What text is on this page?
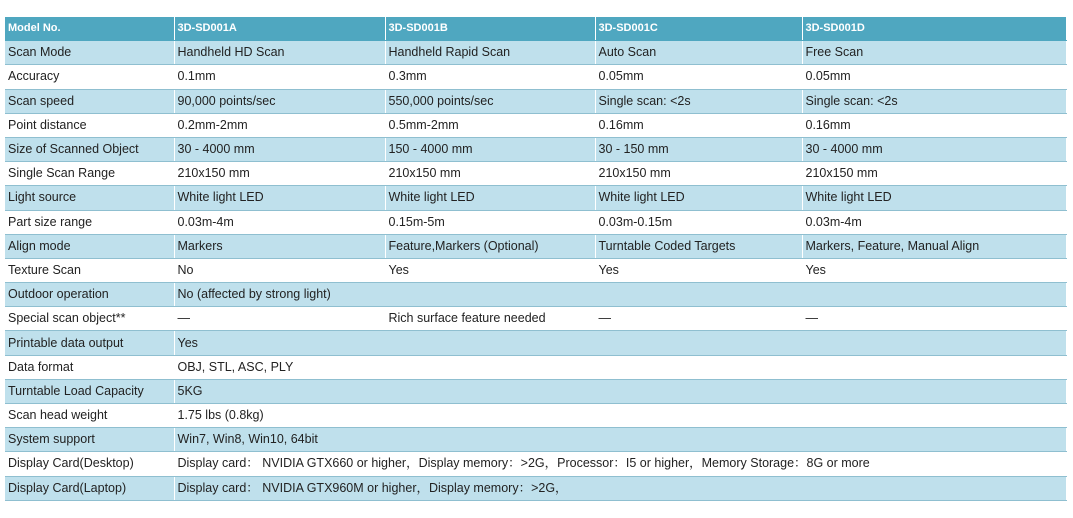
Model No.	3D-SD001A	3D-SD001B	3D-SD001C	3D-SD001D
Scan Mode	Handheld HD Scan	Handheld Rapid Scan	Auto Scan	Free Scan
Accuracy	0.1mm	0.3mm	0.05mm	0.05mm
Scan speed	90,000 points/sec	550,000 points/sec	Single scan: <2s	Single scan: <2s
Point distance	0.2mm-2mm	0.5mm-2mm	0.16mm	0.16mm
Size of Scanned Object	30 - 4000 mm	150 - 4000 mm	30 - 150 mm	30 - 4000 mm
Single Scan Range	210x150 mm	210x150 mm	210x150 mm	210x150 mm
Light source	White light LED	White light LED	White light LED	White light LED
Part size range	0.03m-4m	0.15m-5m	0.03m-0.15m	0.03m-4m
Align mode	Markers	Feature,Markers (Optional)	Turntable Coded Targets	Markers, Feature, Manual Align
Texture Scan	No	Yes	Yes	Yes
Outdoor operation	No (affected by strong light)			
Special scan object**	—	Rich surface feature needed	—	—
Printable data output	Yes			
Data format	OBJ, STL, ASC, PLY			
Turntable Load Capacity	5KG			
Scan head weight	1.75 lbs (0.8kg)			
System support	Win7, Win8, Win10, 64bit			
Display Card(Desktop)	Display card： NVIDIA GTX660 or higher，Display memory：>2G，Processor：I5 or higher，Memory Storage：8G or more			
Display Card(Laptop)	Display card： NVIDIA GTX960M or higher，Display memory：>2G，			
